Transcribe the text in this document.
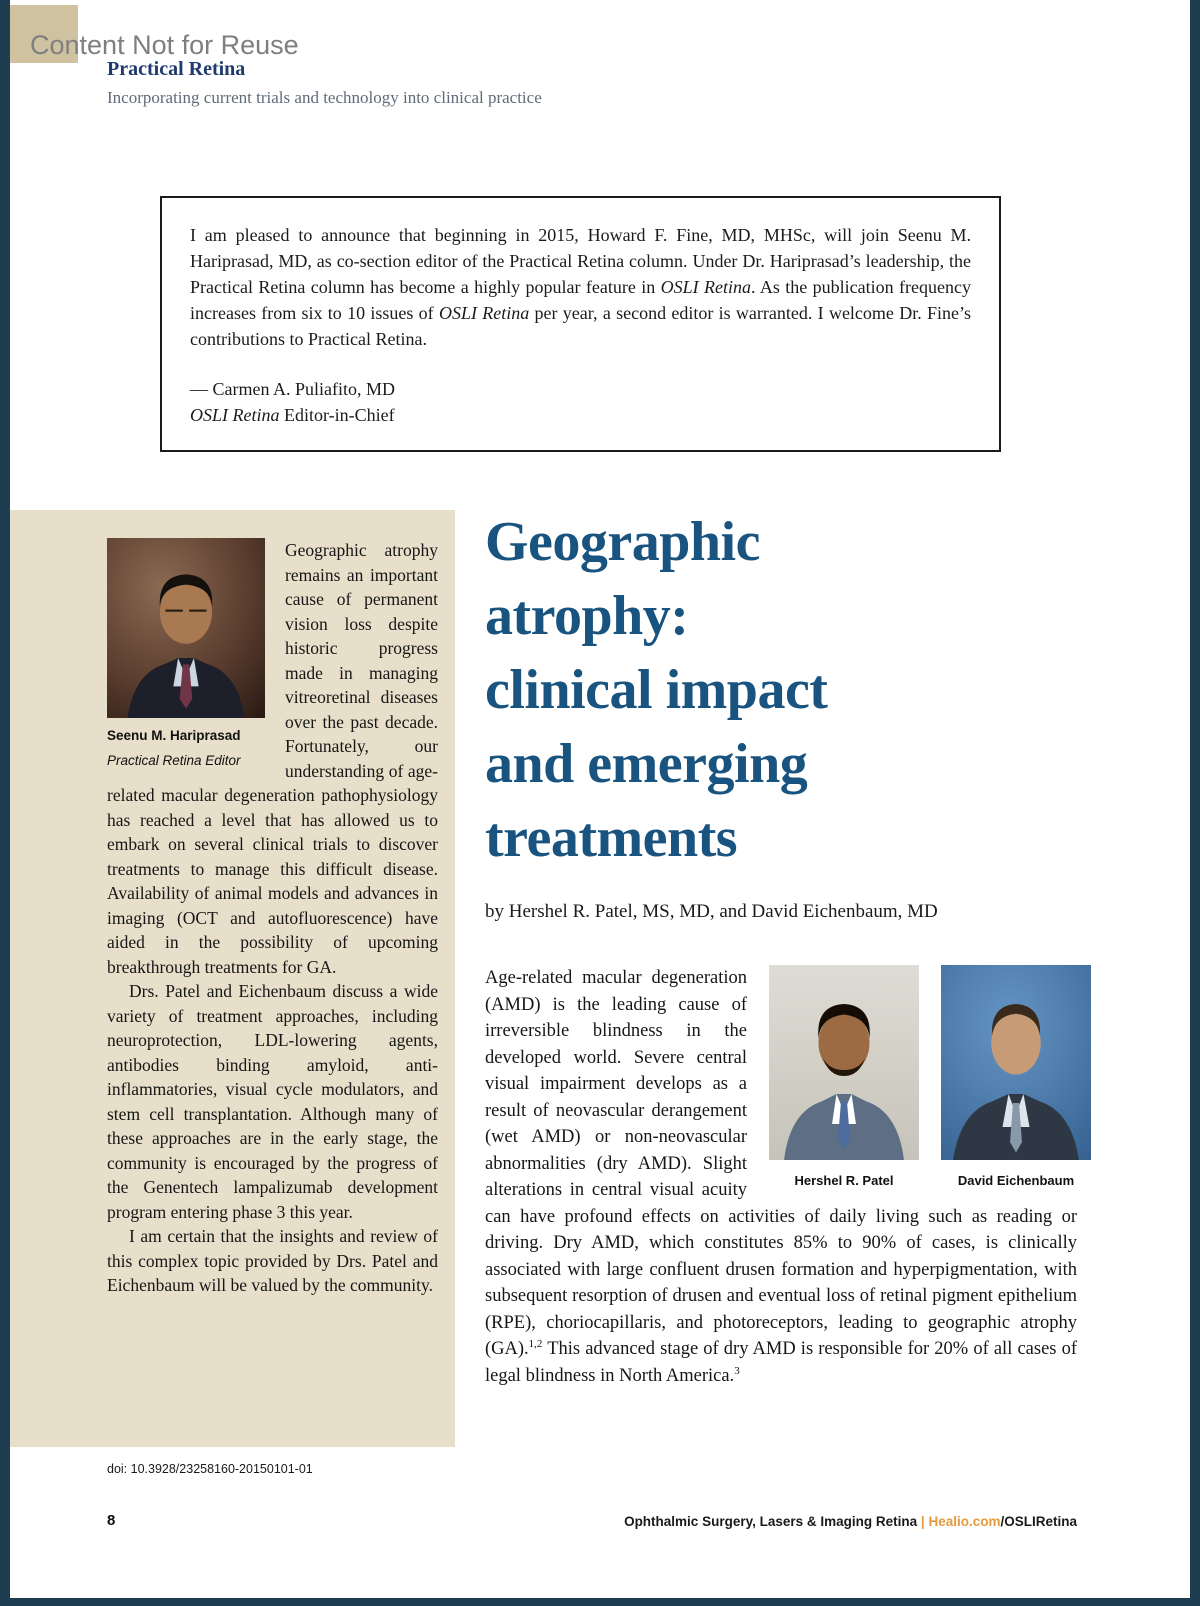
Content Not for Reuse
Practical Retina
Incorporating current trials and technology into clinical practice
I am pleased to announce that beginning in 2015, Howard F. Fine, MD, MHSc, will join Seenu M. Hariprasad, MD, as co-section editor of the Practical Retina column. Under Dr. Hariprasad’s leadership, the Practical Retina column has become a highly popular feature in OSLI Retina. As the publication frequency increases from six to 10 issues of OSLI Retina per year, a second editor is warranted. I welcome Dr. Fine’s contributions to Practical Retina.
— Carmen A. Puliafito, MD
OSLI Retina Editor-in-Chief
Seenu M. Hariprasad
Practical Retina Editor

Geographic atrophy remains an important cause of permanent vision loss despite historic progress made in managing vitreoretinal diseases over the past decade. Fortunately, our understanding of age-related macular degeneration pathophysiology has reached a level that has allowed us to embark on several clinical trials to discover treatments to manage this difficult disease. Availability of animal models and advances in imaging (OCT and autofluorescence) have aided in the possibility of upcoming breakthrough treatments for GA.

Drs. Patel and Eichenbaum discuss a wide variety of treatment approaches, including neuroprotection, LDL-lowering agents, antibodies binding amyloid, anti-inflammatories, visual cycle modulators, and stem cell transplantation. Although many of these approaches are in the early stage, the community is encouraged by the progress of the Genentech lampalizumab development program entering phase 3 this year.

I am certain that the insights and review of this complex topic provided by Drs. Patel and Eichenbaum will be valued by the community.

doi: 10.3928/23258160-20150101-01
Geographic
atrophy:
clinical impact
and emerging
treatments
by Hershel R. Patel, MS, MD, and David Eichenbaum, MD
Hershel R. Patel	David Eichenbaum
Age-related macular degeneration (AMD) is the leading cause of irreversible blindness in the developed world. Severe central visual impairment develops as a result of neovascular derangement (wet AMD) or non-neovascular abnormalities (dry AMD). Slight alterations in central visual acuity can have profound effects on activities of daily living such as reading or driving. Dry AMD, which constitutes 85% to 90% of cases, is clinically associated with large confluent drusen formation and hyperpigmentation, with subsequent resorption of drusen and eventual loss of retinal pigment epithelium (RPE), choriocapillaris, and photoreceptors, leading to geographic atrophy (GA).$^{1,2}$ This advanced stage of dry AMD is responsible for 20% of all cases of legal blindness in North America.$^3$
8	Ophthalmic Surgery, Lasers & Imaging Retina | Healio.com/OSLIRetina
